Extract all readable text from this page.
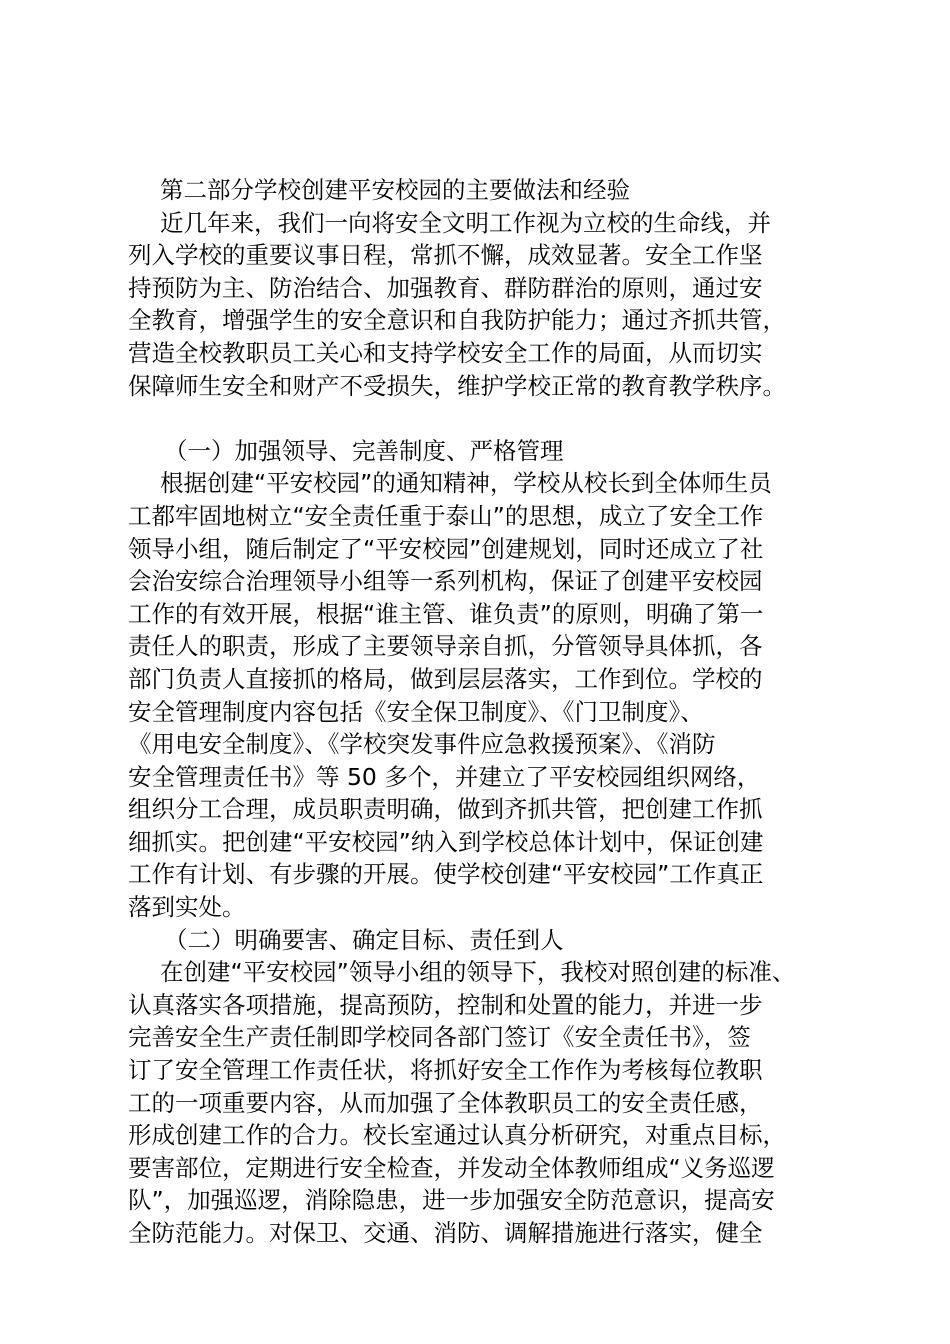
第二部分学校创建平安校园的主要做法和经验
近几年来，我们一向将安全文明工作视为立校的生命线，并
列入学校的重要议事日程，常抓不懈，成效显著。安全工作坚
持预防为主、防治结合、加强教育、群防群治的原则，通过安
全教育，增强学生的安全意识和自我防护能力；通过齐抓共管，
营造全校教职员工关心和支持学校安全工作的局面，从而切实
保障师生安全和财产不受损失，维护学校正常的教育教学秩序。
（一）加强领导、完善制度、严格管理
根据创建“平安校园”的通知精神，学校从校长到全体师生员
工都牢固地树立“安全责任重于泰山”的思想，成立了安全工作
领导小组，随后制定了“平安校园”创建规划，同时还成立了社
会治安综合治理领导小组等一系列机构，保证了创建平安校园
工作的有效开展，根据“谁主管、谁负责”的原则，明确了第一
责任人的职责，形成了主要领导亲自抓，分管领导具体抓，各
部门负责人直接抓的格局，做到层层落实，工作到位。学校的
安全管理制度内容包括《安全保卫制度》、《门卫制度》、
《用电安全制度》、《学校突发事件应急救援预案》、《消防
安全管理责任书》等 50 多个，并建立了平安校园组织网络，
组织分工合理，成员职责明确，做到齐抓共管，把创建工作抓
细抓实。把创建“平安校园”纳入到学校总体计划中，保证创建
工作有计划、有步骤的开展。使学校创建“平安校园”工作真正
落到实处。
（二）明确要害、确定目标、责任到人
在创建“平安校园”领导小组的领导下，我校对照创建的标准、
认真落实各项措施，提高预防，控制和处置的能力，并进一步
完善安全生产责任制即学校同各部门签订《安全责任书》，签
订了安全管理工作责任状，将抓好安全工作作为考核每位教职
工的一项重要内容，从而加强了全体教职员工的安全责任感，
形成创建工作的合力。校长室通过认真分析研究，对重点目标，
要害部位，定期进行安全检查，并发动全体教师组成“义务巡逻
队”，加强巡逻，消除隐患，进一步加强安全防范意识，提高安
全防范能力。对保卫、交通、消防、调解措施进行落实，健全
